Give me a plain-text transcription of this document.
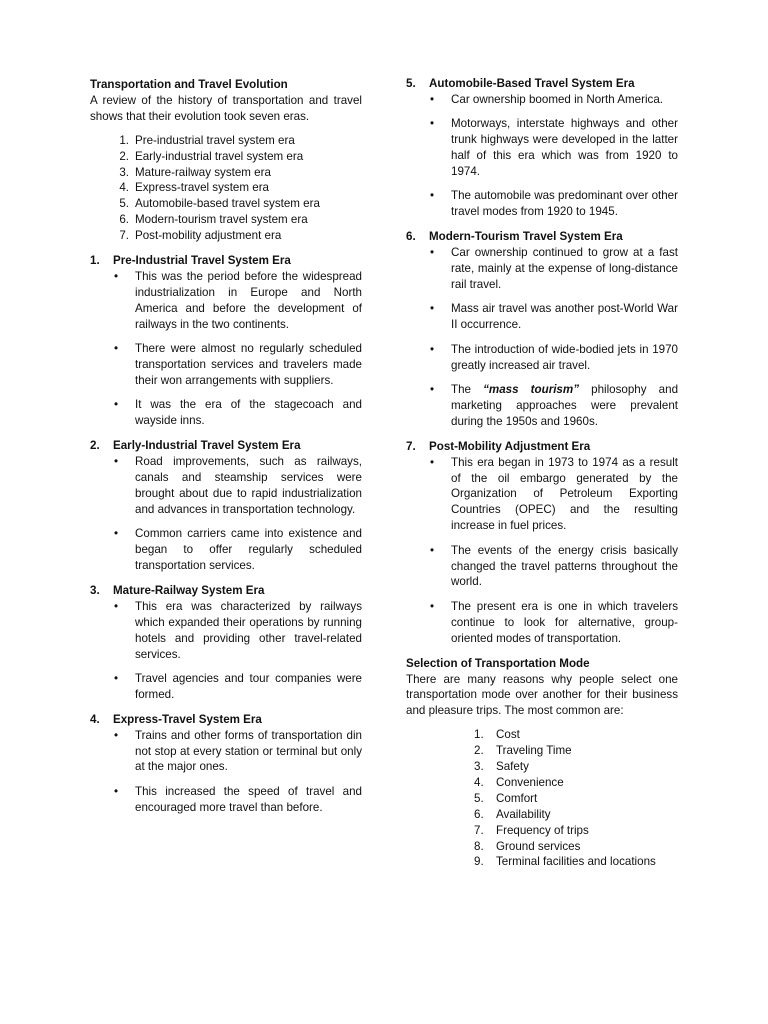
Transportation and Travel Evolution

A review of the history of transportation and travel shows that their evolution took seven eras.

1. Pre-industrial travel system era
2. Early-industrial travel system era
3. Mature-railway system era
4. Express-travel system era
5. Automobile-based travel system era
6. Modern-tourism travel system era
7. Post-mobility adjustment era
1.	Pre-Industrial Travel System Era
• This was the period before the widespread industrialization in Europe and North America and before the development of railways in the two continents.
• There were almost no regularly scheduled transportation services and travelers made their won arrangements with suppliers.
• It was the era of the stagecoach and wayside inns.
2.	Early-Industrial Travel System Era
• Road improvements, such as railways, canals and steamship services were brought about due to rapid industrialization and advances in transportation technology.
• Common carriers came into existence and began to offer regularly scheduled transportation services.
3.	Mature-Railway System Era
• This era was characterized by railways which expanded their operations by running hotels and providing other travel-related services.
• Travel agencies and tour companies were formed.
4.	Express-Travel System Era
• Trains and other forms of transportation din not stop at every station or terminal but only at the major ones.
• This increased the speed of travel and encouraged more travel than before.
5.	Automobile-Based Travel System Era
• Car ownership boomed in North America.
• Motorways, interstate highways and other trunk highways were developed in the latter half of this era which was from 1920 to 1974.
• The automobile was predominant over other travel modes from 1920 to 1945.
6.	Modern-Tourism Travel System Era
• Car ownership continued to grow at a fast rate, mainly at the expense of long-distance rail travel.
• Mass air travel was another post-World War II occurrence.
• The introduction of wide-bodied jets in 1970 greatly increased air travel.
• The “mass tourism” philosophy and marketing approaches were prevalent during the 1950s and 1960s.
7.	Post-Mobility Adjustment Era
• This era began in 1973 to 1974 as a result of the oil embargo generated by the Organization of Petroleum Exporting Countries (OPEC) and the resulting increase in fuel prices.
• The events of the energy crisis basically changed the travel patterns throughout the world.
• The present era is one in which travelers continue to look for alternative, group-oriented modes of transportation.
Selection of Transportation Mode

There are many reasons why people select one transportation mode over another for their business and pleasure trips. The most common are:

1.	Cost
2.	Traveling Time
3.	Safety
4.	Convenience
5.	Comfort
6.	Availability
7.	Frequency of trips
8.	Ground services
9.	Terminal facilities and locations
